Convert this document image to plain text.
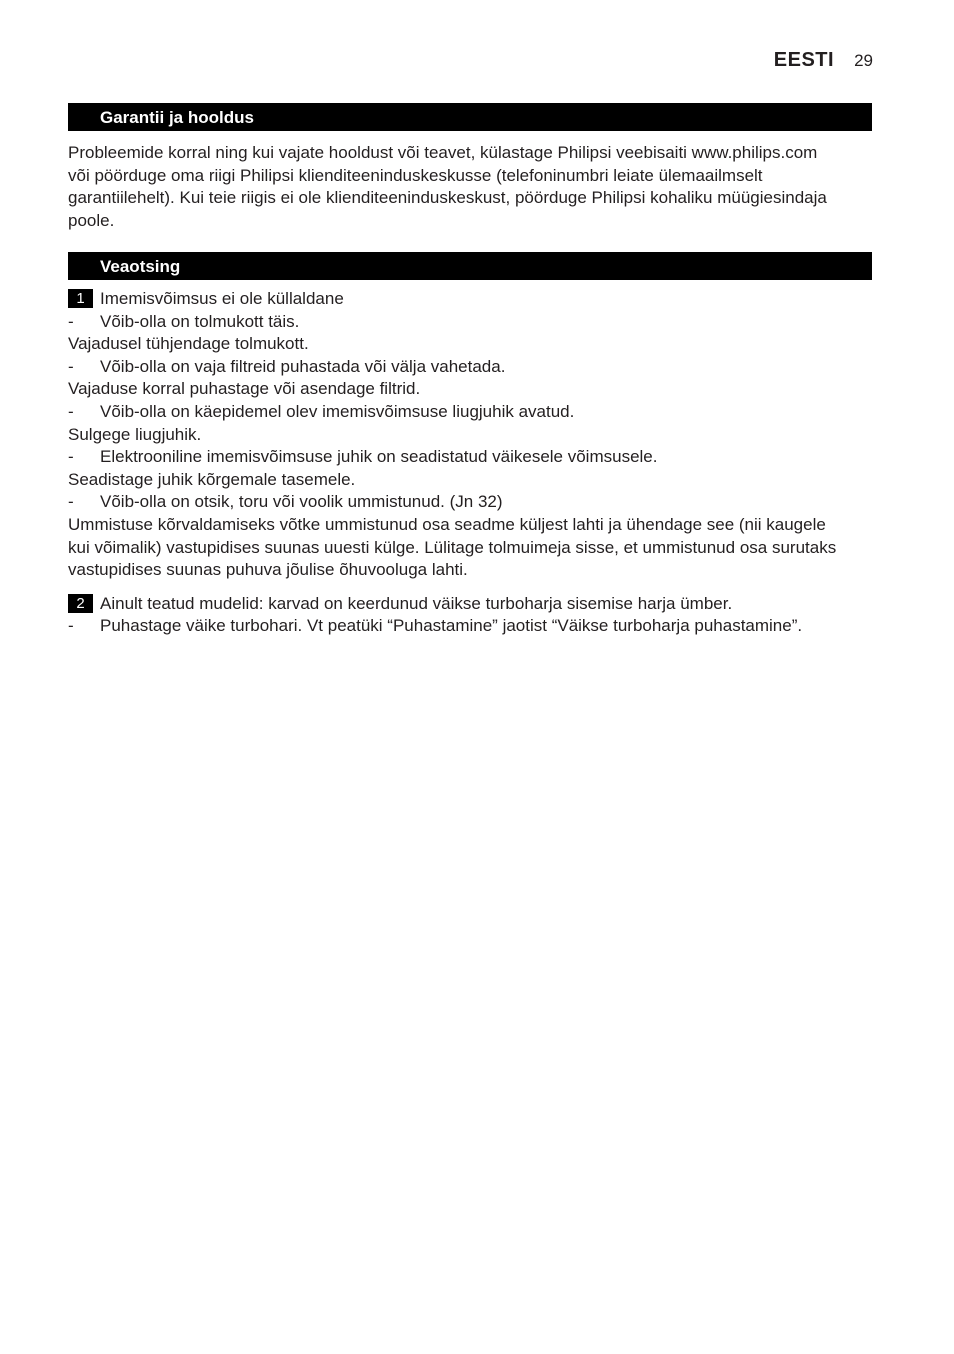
EESTI 29
Garantii ja hooldus
Probleemide korral ning kui vajate hooldust või teavet, külastage Philipsi veebisaiti www.philips.com
või pöörduge oma riigi Philipsi klienditeeninduskeskusse (telefoninumbri leiate ülemaailmselt
garantiilehelt). Kui teie riigis ei ole klienditeeninduskeskust, pöörduge Philipsi kohaliku müügiesindaja
poole.
Veaotsing
1 Imemisvõimsus ei ole küllaldane
-	Võib-olla on tolmukott täis.

Vajadusel tühjendage tolmukott.

-	Võib-olla on vaja filtreid puhastada või välja vahetada.

Vajaduse korral puhastage või asendage filtrid.

-	Võib-olla on käepidemel olev imemisvõimsuse liugjuhik avatud.

Sulgege liugjuhik.

-	Elektrooniline imemisvõimsuse juhik on seadistatud väikesele võimsusele.

Seadistage juhik kõrgemale tasemele.

-	Võib-olla on otsik, toru või voolik ummistunud. (Jn 32)
Ummistuse kõrvaldamiseks võtke ummistunud osa seadme küljest lahti ja ühendage see (nii kaugele
kui võimalik) vastupidises suunas uuesti külge. Lülitage tolmuimeja sisse, et ummistunud osa surutaks
vastupidises suunas puhuva jõulise õhuvooluga lahti.
2 Ainult teatud mudelid: karvad on keerdunud väikse turboharja sisemise harja ümber.
-	Puhastage väike turbohari. Vt peatüki “Puhastamine” jaotist “Väikse turboharja puhastamine”.
